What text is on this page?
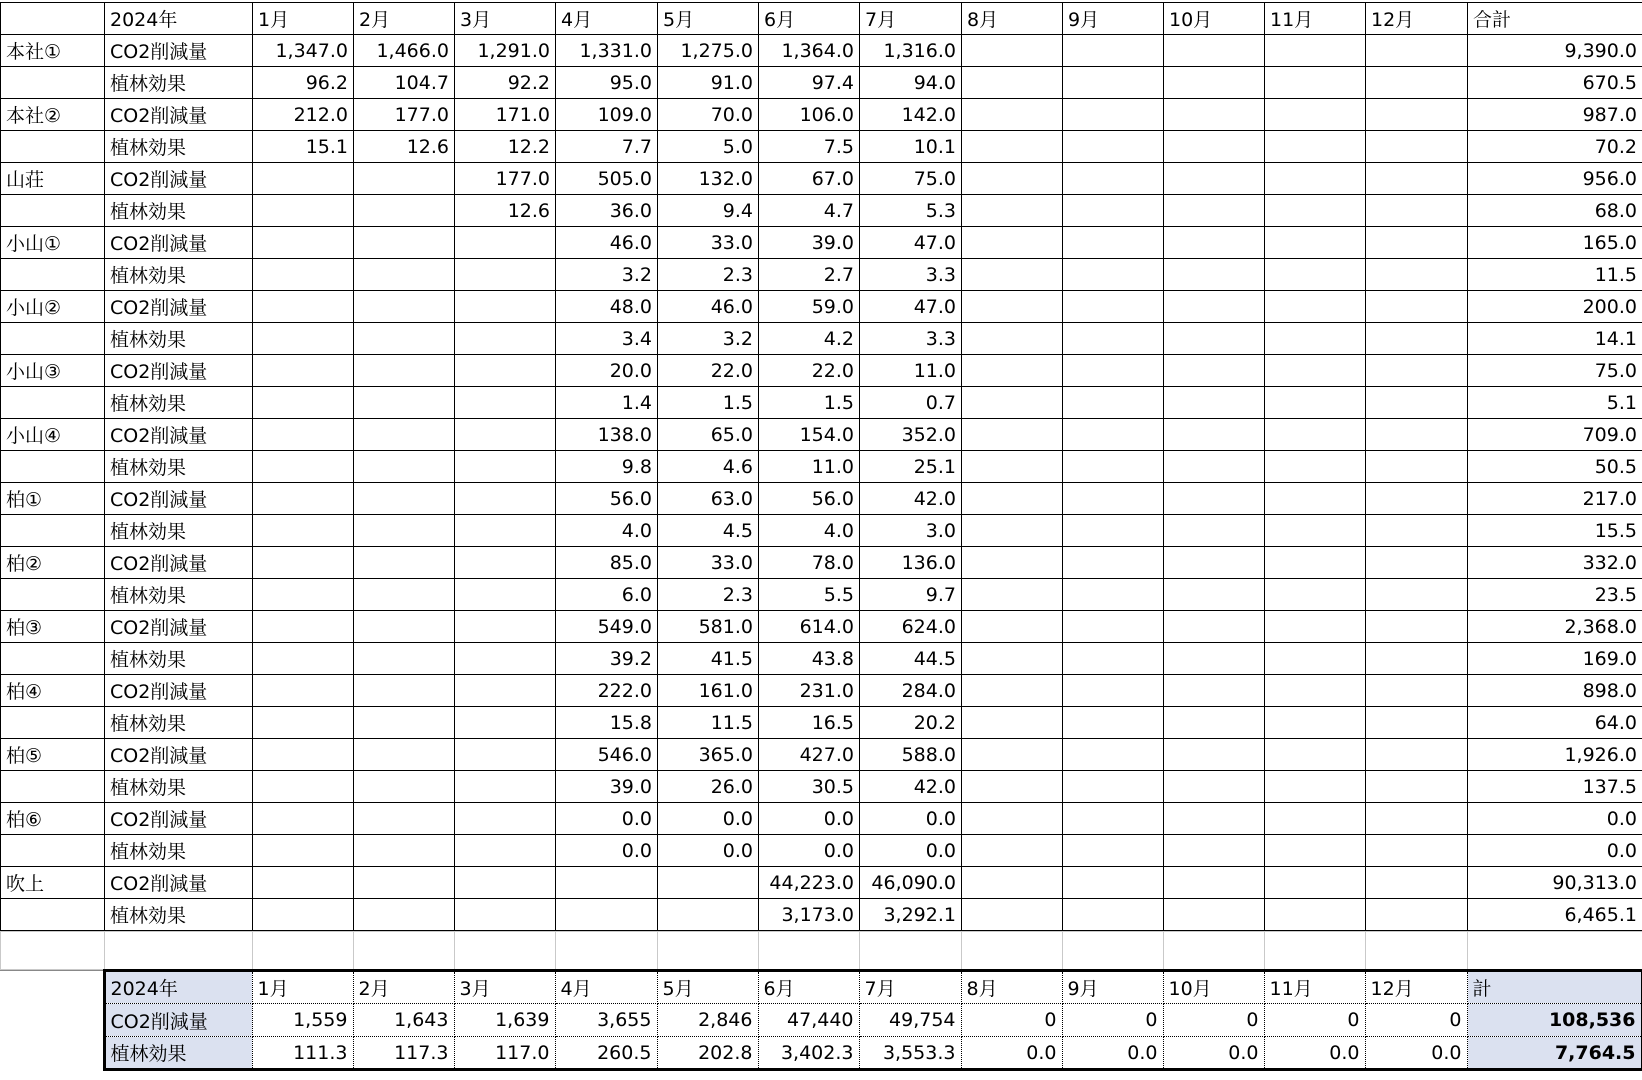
	2024年	1月	2月	3月	4月	5月	6月	7月	8月	9月	10月	11月	12月	合計
本社①	CO2削減量	1,347.0	1,466.0	1,291.0	1,331.0	1,275.0	1,364.0	1,316.0						9,390.0
	植林効果	96.2	104.7	92.2	95.0	91.0	97.4	94.0						670.5
本社②	CO2削減量	212.0	177.0	171.0	109.0	70.0	106.0	142.0						987.0
	植林効果	15.1	12.6	12.2	7.7	5.0	7.5	10.1						70.2
山荘	CO2削減量			177.0	505.0	132.0	67.0	75.0						956.0
	植林効果			12.6	36.0	9.4	4.7	5.3						68.0
小山①	CO2削減量				46.0	33.0	39.0	47.0						165.0
	植林効果				3.2	2.3	2.7	3.3						11.5
小山②	CO2削減量				48.0	46.0	59.0	47.0						200.0
	植林効果				3.4	3.2	4.2	3.3						14.1
小山③	CO2削減量				20.0	22.0	22.0	11.0						75.0
	植林効果				1.4	1.5	1.5	0.7						5.1
小山④	CO2削減量				138.0	65.0	154.0	352.0						709.0
	植林効果				9.8	4.6	11.0	25.1						50.5
柏①	CO2削減量				56.0	63.0	56.0	42.0						217.0
	植林効果				4.0	4.5	4.0	3.0						15.5
柏②	CO2削減量				85.0	33.0	78.0	136.0						332.0
	植林効果				6.0	2.3	5.5	9.7						23.5
柏③	CO2削減量				549.0	581.0	614.0	624.0						2,368.0
	植林効果				39.2	41.5	43.8	44.5						169.0
柏④	CO2削減量				222.0	161.0	231.0	284.0						898.0
	植林効果				15.8	11.5	16.5	20.2						64.0
柏⑤	CO2削減量				546.0	365.0	427.0	588.0						1,926.0
	植林効果				39.0	26.0	30.5	42.0						137.5
柏⑥	CO2削減量				0.0	0.0	0.0	0.0						0.0
	植林効果				0.0	0.0	0.0	0.0						0.0
吹上	CO2削減量						44,223.0	46,090.0						90,313.0
	植林効果						3,173.0	3,292.1						6,465.1

	2024年	1月	2月	3月	4月	5月	6月	7月	8月	9月	10月	11月	12月	計
	CO2削減量	1,559	1,643	1,639	3,655	2,846	47,440	49,754	0	0	0	0	0	108,536
	植林効果	111.3	117.3	117.0	260.5	202.8	3,402.3	3,553.3	0.0	0.0	0.0	0.0	0.0	7,764.5
